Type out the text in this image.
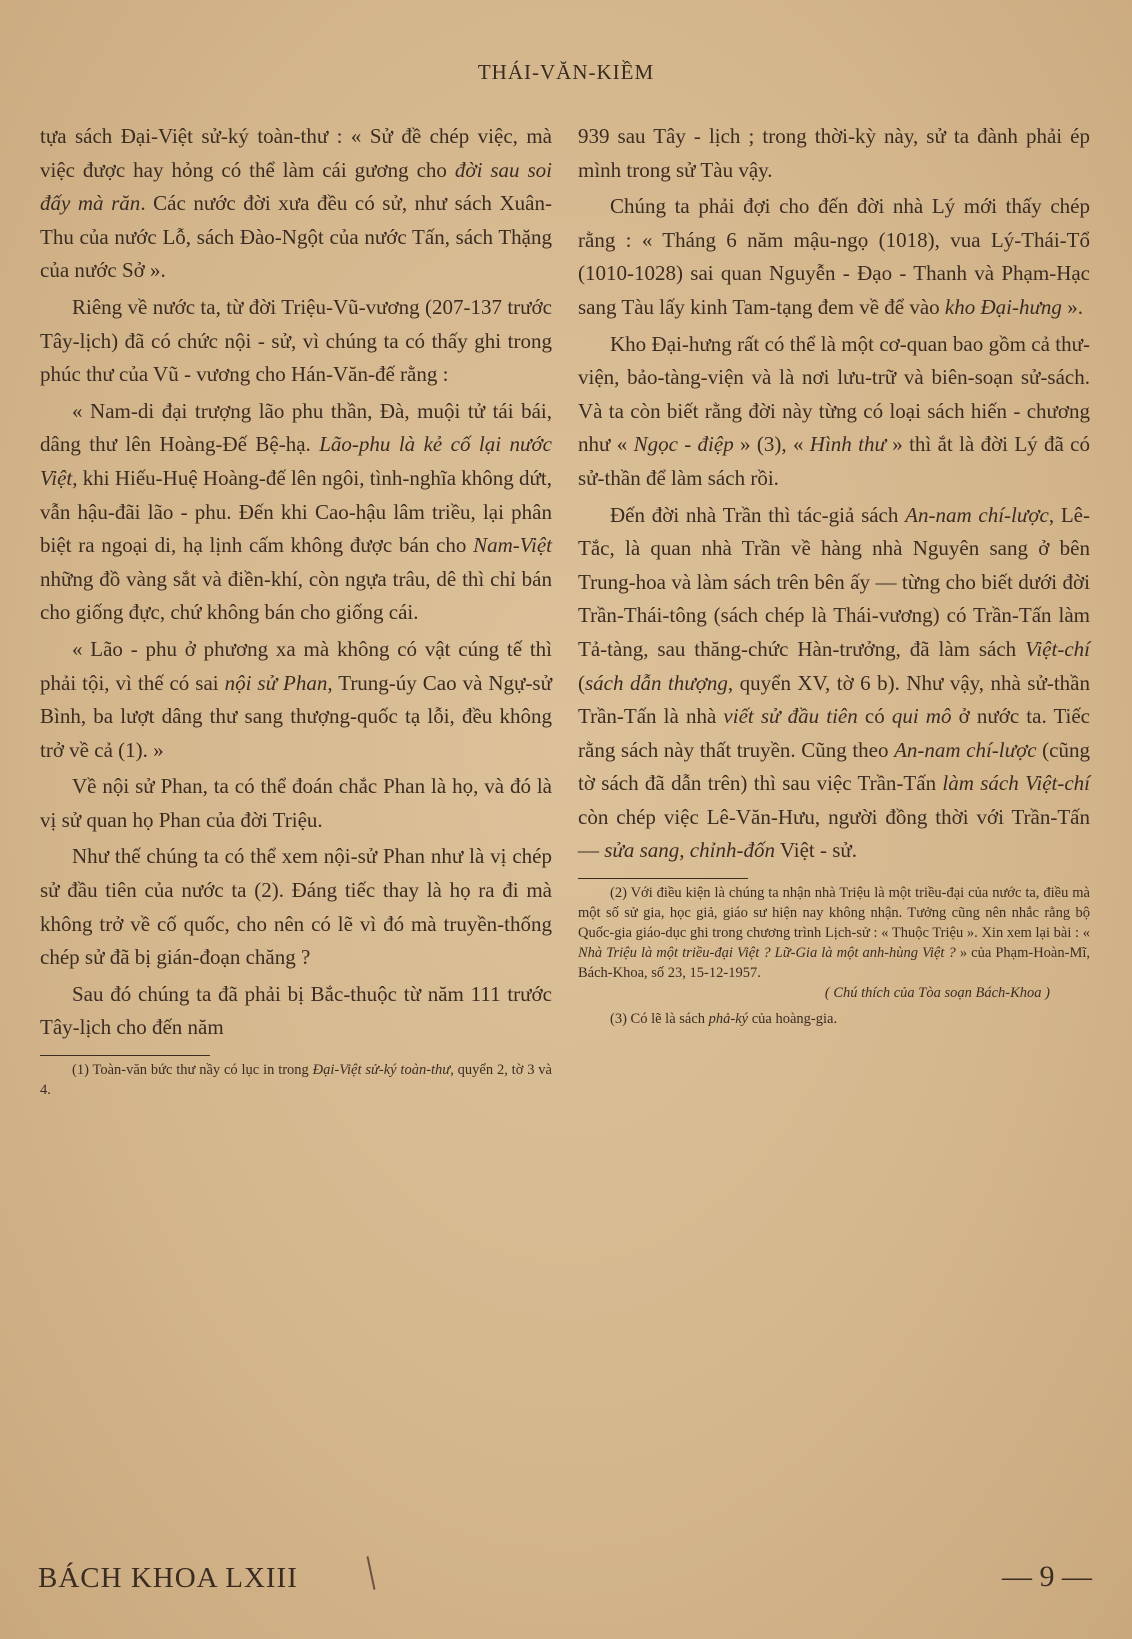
THÁI-VĂN-KIỀM

tựa sách Đại-Việt sử-ký toàn-thư : « Sử đề chép việc, mà việc được hay hỏng có thể làm cái gương cho đời sau soi đấy mà răn. Các nước đời xưa đều có sử, như sách Xuân-Thu của nước Lỗ, sách Đào-Ngột của nước Tấn, sách Thặng của nước Sở ».

Riêng về nước ta, từ đời Triệu-Vũ-vương (207-137 trước Tây-lịch) đã có chức nội - sử, vì chúng ta có thấy ghi trong phúc thư của Vũ - vương cho Hán-Văn-đế rằng :

« Nam-di đại trượng lão phu thần, Đà, muội tử tái bái, dâng thư lên Hoàng-Đế Bệ-hạ. Lão-phu là kẻ cố lại nước Việt, khi Hiếu-Huệ Hoàng-đế lên ngôi, tình-nghĩa không dứt, vẫn hậu-đãi lão - phu. Đến khi Cao-hậu lâm triều, lại phân biệt ra ngoại di, hạ lịnh cấm không được bán cho Nam-Việt những đồ vàng sắt và điền-khí, còn ngựa trâu, dê thì chỉ bán cho giống đực, chứ không bán cho giống cái.

« Lão - phu ở phương xa mà không có vật cúng tế thì phải tội, vì thế có sai nội sử Phan, Trung-úy Cao và Ngự-sử Bình, ba lượt dâng thư sang thượng-quốc tạ lỗi, đều không trở về cả (1). »

Về nội sử Phan, ta có thể đoán chắc Phan là họ, và đó là vị sử quan họ Phan của đời Triệu.

Như thế chúng ta có thể xem nội-sử Phan như là vị chép sử đầu tiên của nước ta (2). Đáng tiếc thay là họ ra đi mà không trở về cố quốc, cho nên có lẽ vì đó mà truyền-thống chép sử đã bị gián-đoạn chăng ?

Sau đó chúng ta đã phải bị Bắc-thuộc từ năm 111 trước Tây-lịch cho đến năm

(1) Toàn-văn bức thư nầy có lục in trong Đại-Việt sử-ký toàn-thư, quyển 2, tờ 3 và 4.

939 sau Tây - lịch ; trong thời-kỳ này, sử ta đành phải ép mình trong sử Tàu vậy.

Chúng ta phải đợi cho đến đời nhà Lý mới thấy chép rằng : « Tháng 6 năm mậu-ngọ (1018), vua Lý-Thái-Tổ (1010-1028) sai quan Nguyễn - Đạo - Thanh và Phạm-Hạc sang Tàu lấy kinh Tam-tạng đem về để vào kho Đại-hưng ».

Kho Đại-hưng rất có thể là một cơ-quan bao gồm cả thư-viện, bảo-tàng-viện và là nơi lưu-trữ và biên-soạn sử-sách. Và ta còn biết rằng đời này từng có loại sách hiến - chương như « Ngọc - điệp » (3), « Hình thư » thì ắt là đời Lý đã có sử-thần để làm sách rồi.

Đến đời nhà Trần thì tác-giả sách An-nam chí-lược, Lê-Tắc, là quan nhà Trần về hàng nhà Nguyên sang ở bên Trung-hoa và làm sách trên bên ấy — từng cho biết dưới đời Trần-Thái-tông (sách chép là Thái-vương) có Trần-Tấn làm Tả-tàng, sau thăng-chức Hàn-trưởng, đã làm sách Việt-chí (sách dẫn thượng, quyển XV, tờ 6 b). Như vậy, nhà sử-thần Trần-Tấn là nhà viết sử đầu tiên có qui mô ở nước ta. Tiếc rằng sách này thất truyền. Cũng theo An-nam chí-lược (cũng tờ sách đã dẫn trên) thì sau việc Trần-Tấn làm sách Việt-chí còn chép việc Lê-Văn-Hưu, người đồng thời với Trần-Tấn — sửa sang, chỉnh-đốn Việt - sử.

(2) Với điều kiện là chúng ta nhận nhà Triệu là một triều-đại của nước ta, điều mà một số sử gia, học giả, giáo sư hiện nay không nhận. Tưởng cũng nên nhắc rằng bộ Quốc-gia giáo-dục ghi trong chương trình Lịch-sử : « Thuộc Triệu ». Xin xem lại bài : « Nhà Triệu là một triều-đại Việt ? Lữ-Gia là một anh-hùng Việt ? » của Phạm-Hoàn-Mĩ, Bách-Khoa, số 23, 15-12-1957.

( Chú thích của Tòa soạn Bách-Khoa )

(3) Có lẽ là sách phả-ký của hoàng-gia.

BÁCH KHOA LXIII	— 9 —
